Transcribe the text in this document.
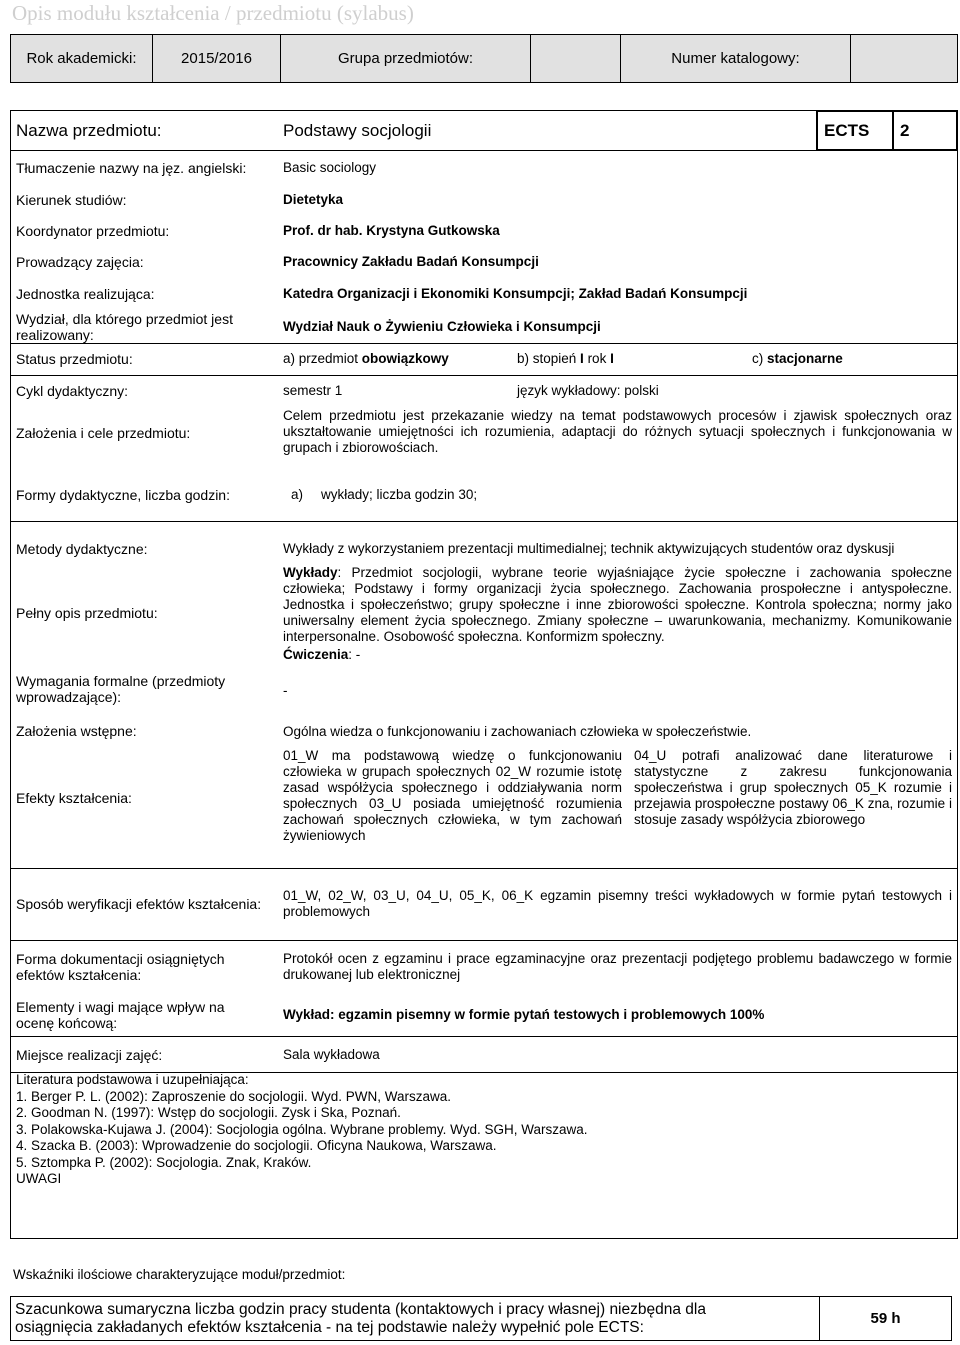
Opis modułu kształcenia / przedmiotu (sylabus)
Rok akademicki:	2015/2016	Grupa przedmiotów:		Numer katalogowy:	
Nazwa przedmiotu:	Podstawy socjologii	ECTS	2
Tłumaczenie nazwy na jęz. angielski:	Basic sociology
Kierunek studiów:	Dietetyka
Koordynator przedmiotu:	Prof. dr hab. Krystyna Gutkowska
Prowadzący zajęcia:	Pracownicy Zakładu Badań Konsumpcji
Jednostka realizująca:	Katedra Organizacji i Ekonomiki Konsumpcji; Zakład Badań Konsumpcji
Wydział, dla którego przedmiot jest realizowany:
Wydział Nauk o Żywieniu Człowieka i Konsumpcji
Status przedmiotu:	a) przedmiot obowiązkowy	b) stopień I rok I	c) stacjonarne
Cykl dydaktyczny:	semestr 1	język wykładowy: polski
Założenia i cele przedmiotu:
Celem przedmiotu jest przekazanie wiedzy na temat podstawowych procesów i zjawisk społecznych oraz ukształtowanie umiejętności ich rozumienia, adaptacji do różnych sytuacji społecznych i funkcjonowania w grupach i zbiorowościach.
Formy dydaktyczne, liczba godzin:	a) wykłady; liczba godzin 30;
Metody dydaktyczne:	Wykłady z wykorzystaniem prezentacji multimedialnej; technik aktywizujących studentów oraz dyskusji
Pełny opis przedmiotu:
Wykłady: Przedmiot socjologii, wybrane teorie wyjaśniające życie społeczne i zachowania społeczne człowieka; Podstawy i formy organizacji życia społecznego. Zachowania prospołeczne i antyspołeczne. Jednostka i społeczeństwo; grupy społeczne i inne zbiorowości społeczne. Kontrola społeczna; normy jako uniwersalny element życia społecznego. Zmiany społeczne – uwarunkowania, mechanizmy. Komunikowanie interpersonalne. Osobowość społeczna. Konformizm społeczny.
Ćwiczenia: -
Wymagania formalne (przedmioty wprowadzające):	-
Założenia wstępne:	Ogólna wiedza o funkcjonowaniu i zachowaniach człowieka w społeczeństwie.
Efekty kształcenia:
01_W ma podstawową wiedzę o funkcjonowaniu człowieka w grupach społecznych 02_W rozumie istotę zasad współżycia społecznego i oddziaływania norm społecznych 03_U posiada umiejętność rozumienia zachowań społecznych człowieka, w tym zachowań żywieniowych
04_U potrafi analizować dane literaturowe i statystyczne z zakresu funkcjonowania społeczeństwa i grup społecznych 05_K rozumie i przejawia prospołeczne postawy 06_K zna, rozumie i stosuje zasady współżycia zbiorowego
Sposób weryfikacji efektów kształcenia:
01_W, 02_W, 03_U, 04_U, 05_K, 06_K egzamin pisemny treści wykładowych w formie pytań testowych i problemowych
Forma dokumentacji osiągniętych efektów kształcenia:
Protokół ocen z egzaminu i prace egzaminacyjne oraz prezentacji podjętego problemu badawczego w formie drukowanej lub elektronicznej
Elementy i wagi mające wpływ na ocenę końcową:
Wykład: egzamin pisemny w formie pytań testowych i problemowych 100%
Miejsce realizacji zajęć:	Sala wykładowa
Literatura podstawowa i uzupełniająca:
1. Berger P. L. (2002): Zaproszenie do socjologii. Wyd. PWN, Warszawa.
2. Goodman N. (1997): Wstęp do socjologii. Zysk i Ska, Poznań.
3. Polakowska-Kujawa J. (2004): Socjologia ogólna. Wybrane problemy. Wyd. SGH, Warszawa.
4. Szacka B. (2003): Wprowadzenie do socjologii. Oficyna Naukowa, Warszawa.
5. Sztompka P. (2002): Socjologia. Znak, Kraków.
UWAGI
Wskaźniki ilościowe charakteryzujące moduł/przedmiot:
Szacunkowa sumaryczna liczba godzin pracy studenta (kontaktowych i pracy własnej) niezbędna dla
osiągnięcia zakładanych efektów kształcenia - na tej podstawie należy wypełnić pole ECTS:
	59 h
